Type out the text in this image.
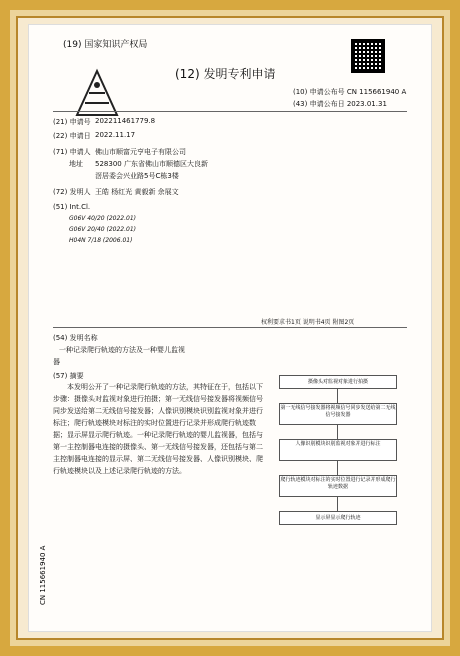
(19) 国家知识产权局
(12) 发明专利申请
(10) 申请公布号 CN 115661940 A
(43) 申请公布日 2023.01.31
(21) 申请号 202211461779.8
(22) 申请日 2022.11.17
(71) 申请人 佛山市顺富元亨电子有限公司
地址 528300 广东省佛山市顺德区大良新
滘居委会兴业路5号C栋3楼
(72) 发明人 王皓 杨红光 黄毅新 余展文
(51) Int.Cl.
G06V 40/20 (2022.01)
G06V 20/40 (2022.01)
H04N 7/18 (2006.01)
权利要求书1页 说明书4页 附图2页
(54) 发明名称
一种记录爬行轨迹的方法及一种婴儿监视
器
(57) 摘要
本发明公开了一种记录爬行轨迹的方法，其特征在于，包括以下步骤：摄像头对监视对象进行拍摄；第一无线信号接发器将视频信号同步发送给第二无线信号接发器；人像识别模块识别监视对象并进行标注；爬行轨迹模块对标注的实时位置进行记录并形成爬行轨迹数据；显示屏显示爬行轨迹。一种记录爬行轨迹的婴儿监视器，包括与第一主控制器电连接的摄像头、第一无线信号接发器，还包括与第二主控制器电连接的显示屏、第二无线信号接发器、人像识别模块、爬行轨迹模块以及上述记录爬行轨迹的方法。
摄像头对监视对象进行拍摄
第一无线信号接发器将视频信号同步发送给第二无线信号接发器
人像识别模块识别监视对象并进行标注
爬行轨迹模块对标注的实时位置进行记录并形成爬行轨迹数据
显示屏显示爬行轨迹
CN 115661940 A
